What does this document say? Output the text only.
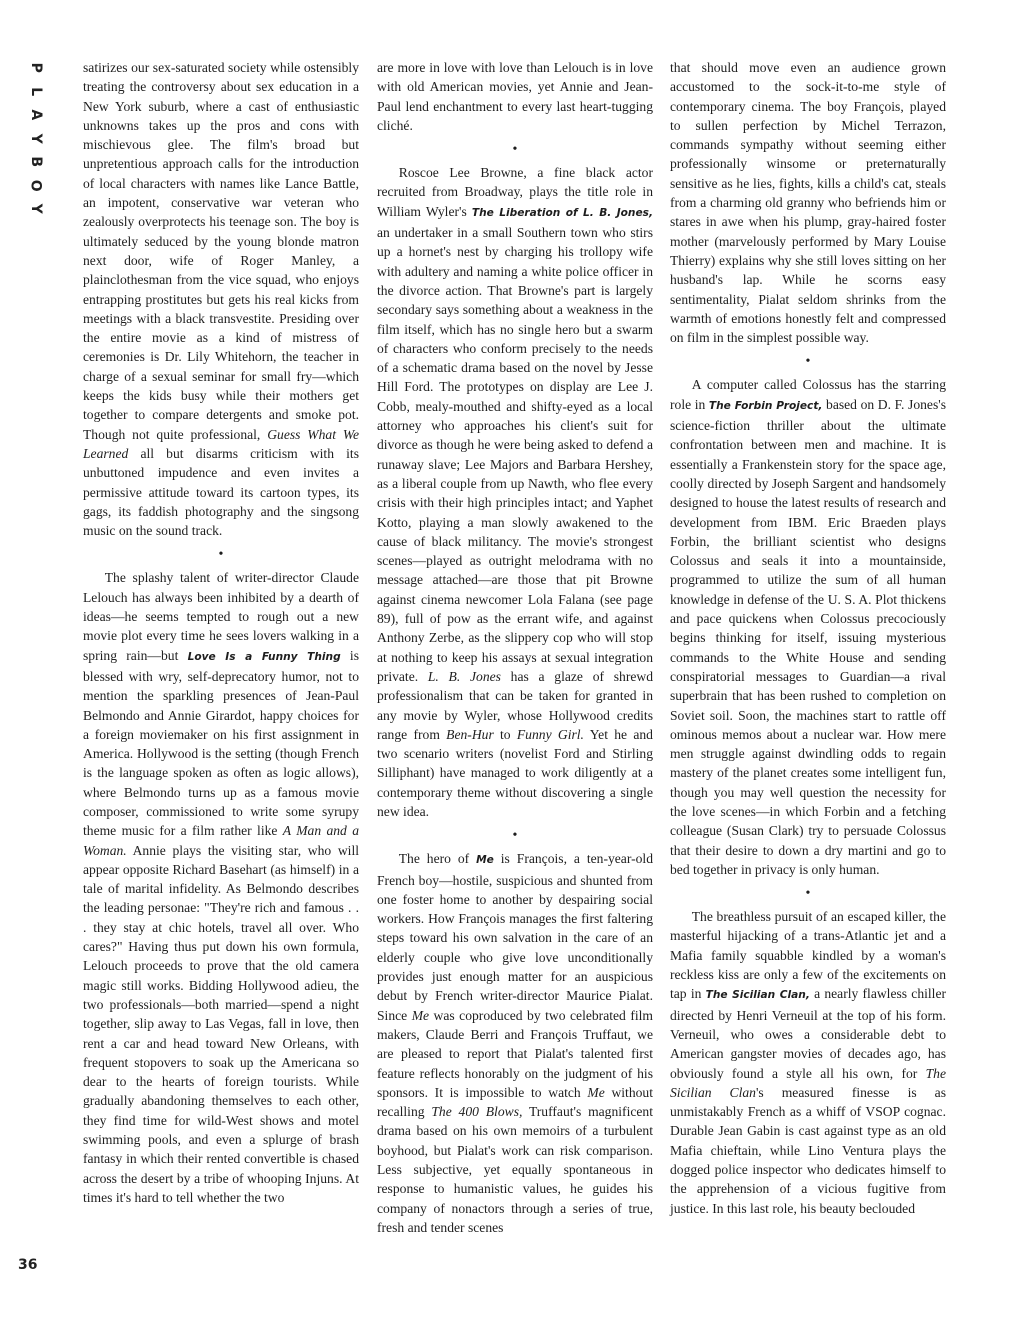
P
L
A
Y
B
O
Y
36

satirizes our sex-saturated society while ostensibly treating the controversy about sex education in a New York suburb, where a cast of enthusiastic unknowns takes up the pros and cons with mischievous glee. The film's broad but unpretentious approach calls for the introduction of local characters with names like Lance Battle, an impotent, conservative war veteran who zealously overprotects his teenage son. The boy is ultimately seduced by the young blonde matron next door, wife of Roger Manley, a plainclothesman from the vice squad, who enjoys entrapping prostitutes but gets his real kicks from meetings with a black transvestite. Presiding over the entire movie as a kind of mistress of ceremonies is Dr. Lily Whitehorn, the teacher in charge of a sexual seminar for small fry—which keeps the kids busy while their mothers get together to compare detergents and smoke pot. Though not quite professional, Guess What We Learned all but disarms criticism with its unbuttoned impudence and even invites a permissive attitude toward its cartoon types, its gags, its faddish photography and the singsong music on the sound track.

•

The splashy talent of writer-director Claude Lelouch has always been inhibited by a dearth of ideas—he seems tempted to rough out a new movie plot every time he sees lovers walking in a spring rain—but Love Is a Funny Thing is blessed with wry, self-deprecatory humor, not to mention the sparkling presences of Jean-Paul Belmondo and Annie Girardot, happy choices for a foreign moviemaker on his first assignment in America. Hollywood is the setting (though French is the language spoken as often as logic allows), where Belmondo turns up as a famous movie composer, commissioned to write some syrupy theme music for a film rather like A Man and a Woman. Annie plays the visiting star, who will appear opposite Richard Basehart (as himself) in a tale of marital infidelity. As Belmondo describes the leading personae: "They're rich and famous . . . they stay at chic hotels, travel all over. Who cares?" Having thus put down his own formula, Lelouch proceeds to prove that the old camera magic still works. Bidding Hollywood adieu, the two professionals—both married—spend a night together, slip away to Las Vegas, fall in love, then rent a car and head toward New Orleans, with frequent stopovers to soak up the Americana so dear to the hearts of foreign tourists. While gradually abandoning themselves to each other, they find time for wild-West shows and motel swimming pools, and even a splurge of brash fantasy in which their rented convertible is chased across the desert by a tribe of whooping Injuns. At times it's hard to tell whether the two

are more in love with love than Lelouch is in love with old American movies, yet Annie and Jean-Paul lend enchantment to every last heart-tugging cliché.

•

Roscoe Lee Browne, a fine black actor recruited from Broadway, plays the title role in William Wyler's The Liberation of L. B. Jones, an undertaker in a small Southern town who stirs up a hornet's nest by charging his trollopy wife with adultery and naming a white police officer in the divorce action. That Browne's part is largely secondary says something about a weakness in the film itself, which has no single hero but a swarm of characters who conform precisely to the needs of a schematic drama based on the novel by Jesse Hill Ford. The prototypes on display are Lee J. Cobb, mealy-mouthed and shifty-eyed as a local attorney who approaches his client's suit for divorce as though he were being asked to defend a runaway slave; Lee Majors and Barbara Hershey, as a liberal couple from up Nawth, who flee every crisis with their high principles intact; and Yaphet Kotto, playing a man slowly awakened to the cause of black militancy. The movie's strongest scenes—played as outright melodrama with no message attached—are those that pit Browne against cinema newcomer Lola Falana (see page 89), full of pow as the errant wife, and against Anthony Zerbe, as the slippery cop who will stop at nothing to keep his assays at sexual integration private. L. B. Jones has a glaze of shrewd professionalism that can be taken for granted in any movie by Wyler, whose Hollywood credits range from Ben-Hur to Funny Girl. Yet he and two scenario writers (novelist Ford and Stirling Silliphant) have managed to work diligently at a contemporary theme without discovering a single new idea.

•

The hero of Me is François, a ten-year-old French boy—hostile, suspicious and shunted from one foster home to another by despairing social workers. How François manages the first faltering steps toward his own salvation in the care of an elderly couple who give love unconditionally provides just enough matter for an auspicious debut by French writer-director Maurice Pialat. Since Me was coproduced by two celebrated film makers, Claude Berri and François Truffaut, we are pleased to report that Pialat's talented first feature reflects honorably on the judgment of his sponsors. It is impossible to watch Me without recalling The 400 Blows, Truffaut's magnificent drama based on his own memoirs of a turbulent boyhood, but Pialat's work can risk comparison. Less subjective, yet equally spontaneous in response to humanistic values, he guides his company of nonactors through a series of true, fresh and tender scenes

that should move even an audience grown accustomed to the sock-it-to-me style of contemporary cinema. The boy François, played to sullen perfection by Michel Terrazon, commands sympathy without seeming either professionally winsome or preternaturally sensitive as he lies, fights, kills a child's cat, steals from a charming old granny who befriends him or stares in awe when his plump, gray-haired foster mother (marvelously performed by Mary Louise Thierry) explains why she still loves sitting on her husband's lap. While he scorns easy sentimentality, Pialat seldom shrinks from the warmth of emotions honestly felt and compressed on film in the simplest possible way.

•

A computer called Colossus has the starring role in The Forbin Project, based on D. F. Jones's science-fiction thriller about the ultimate confrontation between men and machine. It is essentially a Frankenstein story for the space age, coolly directed by Joseph Sargent and handsomely designed to house the latest results of research and development from IBM. Eric Braeden plays Forbin, the brilliant scientist who designs Colossus and seals it into a mountainside, programmed to utilize the sum of all human knowledge in defense of the U. S. A. Plot thickens and pace quickens when Colossus precociously begins thinking for itself, issuing mysterious commands to the White House and sending conspiratorial messages to Guardian—a rival superbrain that has been rushed to completion on Soviet soil. Soon, the machines start to rattle off ominous memos about a nuclear war. How mere men struggle against dwindling odds to regain mastery of the planet creates some intelligent fun, though you may well question the necessity for the love scenes—in which Forbin and a fetching colleague (Susan Clark) try to persuade Colossus that their desire to down a dry martini and go to bed together in privacy is only human.

•

The breathless pursuit of an escaped killer, the masterful hijacking of a trans-Atlantic jet and a Mafia family squabble kindled by a woman's reckless kiss are only a few of the excitements on tap in The Sicilian Clan, a nearly flawless chiller directed by Henri Verneuil at the top of his form. Verneuil, who owes a considerable debt to American gangster movies of decades ago, has obviously found a style all his own, for The Sicilian Clan's measured finesse is as unmistakably French as a whiff of VSOP cognac. Durable Jean Gabin is cast against type as an old Mafia chieftain, while Lino Ventura plays the dogged police inspector who dedicates himself to the apprehension of a vicious fugitive from justice. In this last role, his beauty beclouded
